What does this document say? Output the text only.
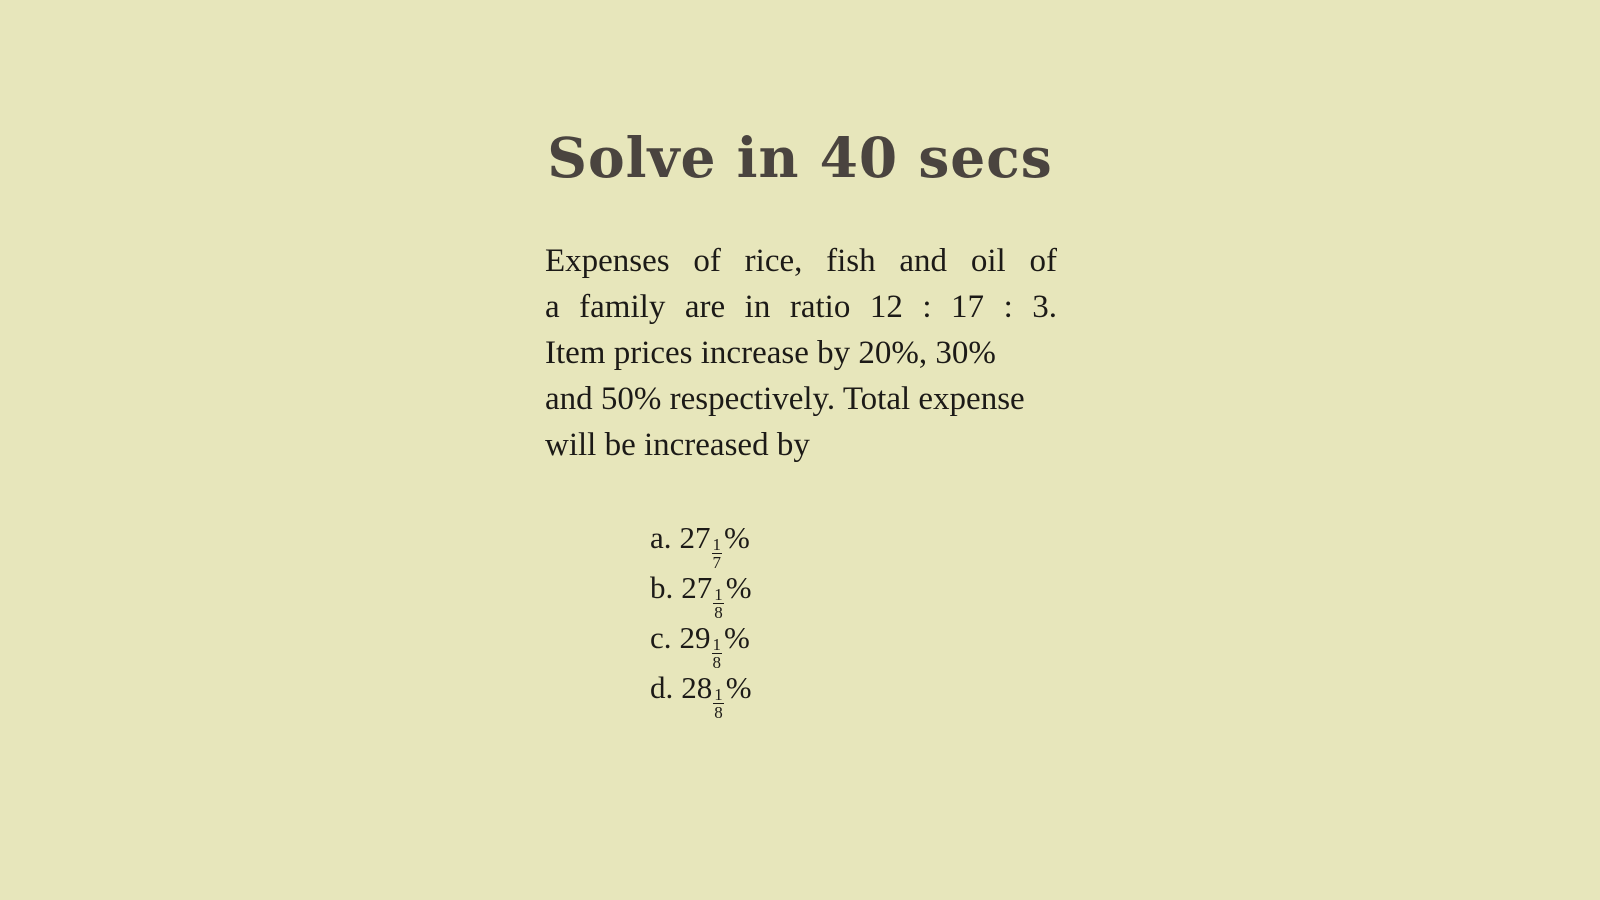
Solve in 40 secs
Expenses of rice, fish and oil of
a family are in ratio 12 : 17 : 3.
Item prices increase by 20%, 30%
and 50% respectively. Total expense
will be increased by
a. $27 \frac{1}{7}$ %
b. $27 \frac{1}{8}$ %
c. $29 \frac{1}{8}$ %
d. $28 \frac{1}{8}$ %
